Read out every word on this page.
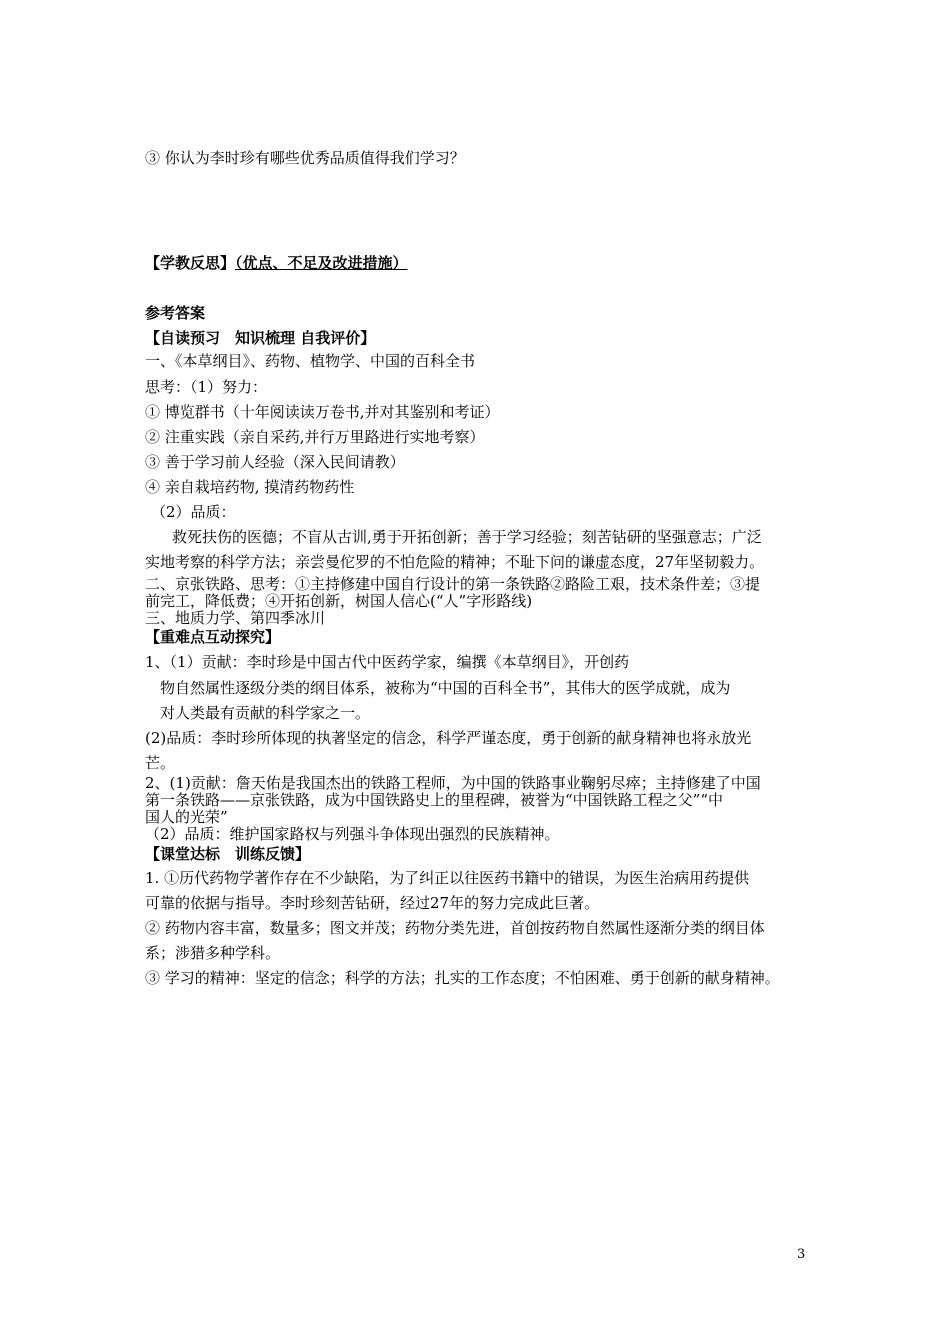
③ 你认为李时珍有哪些优秀品质值得我们学习？
【学教反思】（优点、不足及改进措施）
参考答案
【自读预习　知识梳理 自我评价】
一、《本草纲目》、药物、植物学、中国的百科全书
思考：（1）努力：
① 博览群书（十年阅读读万卷书,并对其鉴别和考证）
② 注重实践（亲自采药,并行万里路进行实地考察）
③ 善于学习前人经验（深入民间请教）
④ 亲自栽培药物, 摸清药物药性
（2）品质：
救死扶伤的医德；不盲从古训,勇于开拓创新；善于学习经验；刻苦钻研的坚强意志；广泛
实地考察的科学方法；亲尝曼佗罗的不怕危险的精神；不耻下问的谦虚态度，27年坚韧毅力。
二、京张铁路、思考：①主持修建中国自行设计的第一条铁路②路险工艰，技术条件差；③提
前完工，降低费；④开拓创新，树国人信心(“人”字形路线)
三、地质力学、第四季冰川
【重难点互动探究】
1、（1）贡献：李时珍是中国古代中医药学家，编撰《本草纲目》，开创药
物自然属性逐级分类的纲目体系，被称为“中国的百科全书”，其伟大的医学成就，成为
对人类最有贡献的科学家之一。
(2)品质：李时珍所体现的执著坚定的信念，科学严谨态度，勇于创新的献身精神也将永放光
芒。
2、(1)贡献：詹天佑是我国杰出的铁路工程师，为中国的铁路事业鞠躬尽瘁；主持修建了中国
第一条铁路——京张铁路，成为中国铁路史上的里程碑，被誉为“中国铁路工程之父”“中
国人的光荣”
（2）品质：维护国家路权与列强斗争体现出强烈的民族精神。
【课堂达标　训练反馈】
1. ①历代药物学著作存在不少缺陷，为了纠正以往医药书籍中的错误，为医生治病用药提供
可靠的依据与指导。李时珍刻苦钻研，经过27年的努力完成此巨著。
② 药物内容丰富，数量多；图文并茂；药物分类先进，首创按药物自然属性逐渐分类的纲目体
系；涉猎多种学科。
③ 学习的精神：坚定的信念；科学的方法；扎实的工作态度；不怕困难、勇于创新的献身精神。
3
